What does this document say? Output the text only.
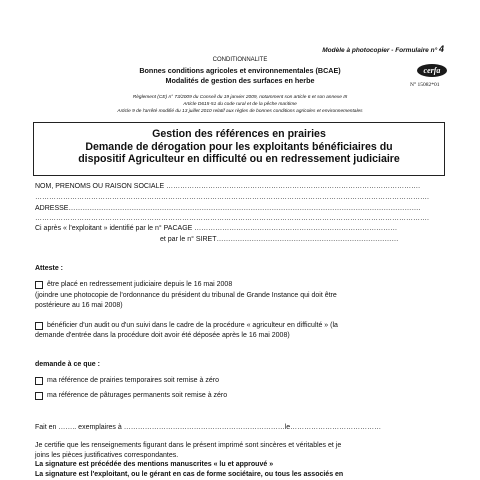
Modèle à photocopier - Formulaire n° 4
CONDITIONNALITE
Bonnes conditions agricoles et environnementales (BCAE)
Modalités de gestion des surfaces en herbe
Règlement (CE) n° 73/2009 du Conseil du 19 janvier 2009, notamment son article 6 et son annexe III
Article D615-51 du code rural et de la pêche maritime
Article 9 de l'arrêté modifié du 13 juillet 2010 relatif aux règles de bonnes conditions agricoles et environnementales
cerfa
N° 15082*01
Gestion des références en prairies
Demande de dérogation pour les exploitants bénéficiaires du
dispositif Agriculteur en difficulté ou en redressement judiciaire
NOM, PRENOMS OU RAISON SOCIALE ……………………………………………………………………………………………….
…………………………………………………………………………………………………………………………………………………….
ADRESSE…………………………………………………………………………………………………………………………………….
…………………………………………………………………………………………………………………………………………………….
Ci après « l'exploitant » identifié par le n° PACAGE ……………………………………………………………………………
et par le n° SIRET……………………………………………………………………
Atteste :
être placé en redressement judiciaire depuis le 16 mai 2008
(joindre une photocopie de l'ordonnance du président du tribunal de Grande Instance qui doit être
postérieure au 16 mai 2008)
bénéficier d'un audit ou d'un suivi dans le cadre de la procédure « agriculteur en difficulté » (la
demande d'entrée dans la procédure doit avoir été déposée après le 16 mai 2008)
demande à ce que :
ma référence de prairies temporaires soit remise à zéro
ma référence de pâturages permanents soit remise à zéro
Fait en …….. exemplaires à ……………………………………………………………le…………………………………
Je certifie que les renseignements figurant dans le présent imprimé sont sincères et véritables et je
joins les pièces justificatives correspondantes.
La signature est précédée des mentions manuscrites « lu et approuvé »
La signature est l'exploitant, ou le gérant en cas de forme sociétaire, ou tous les associés en
